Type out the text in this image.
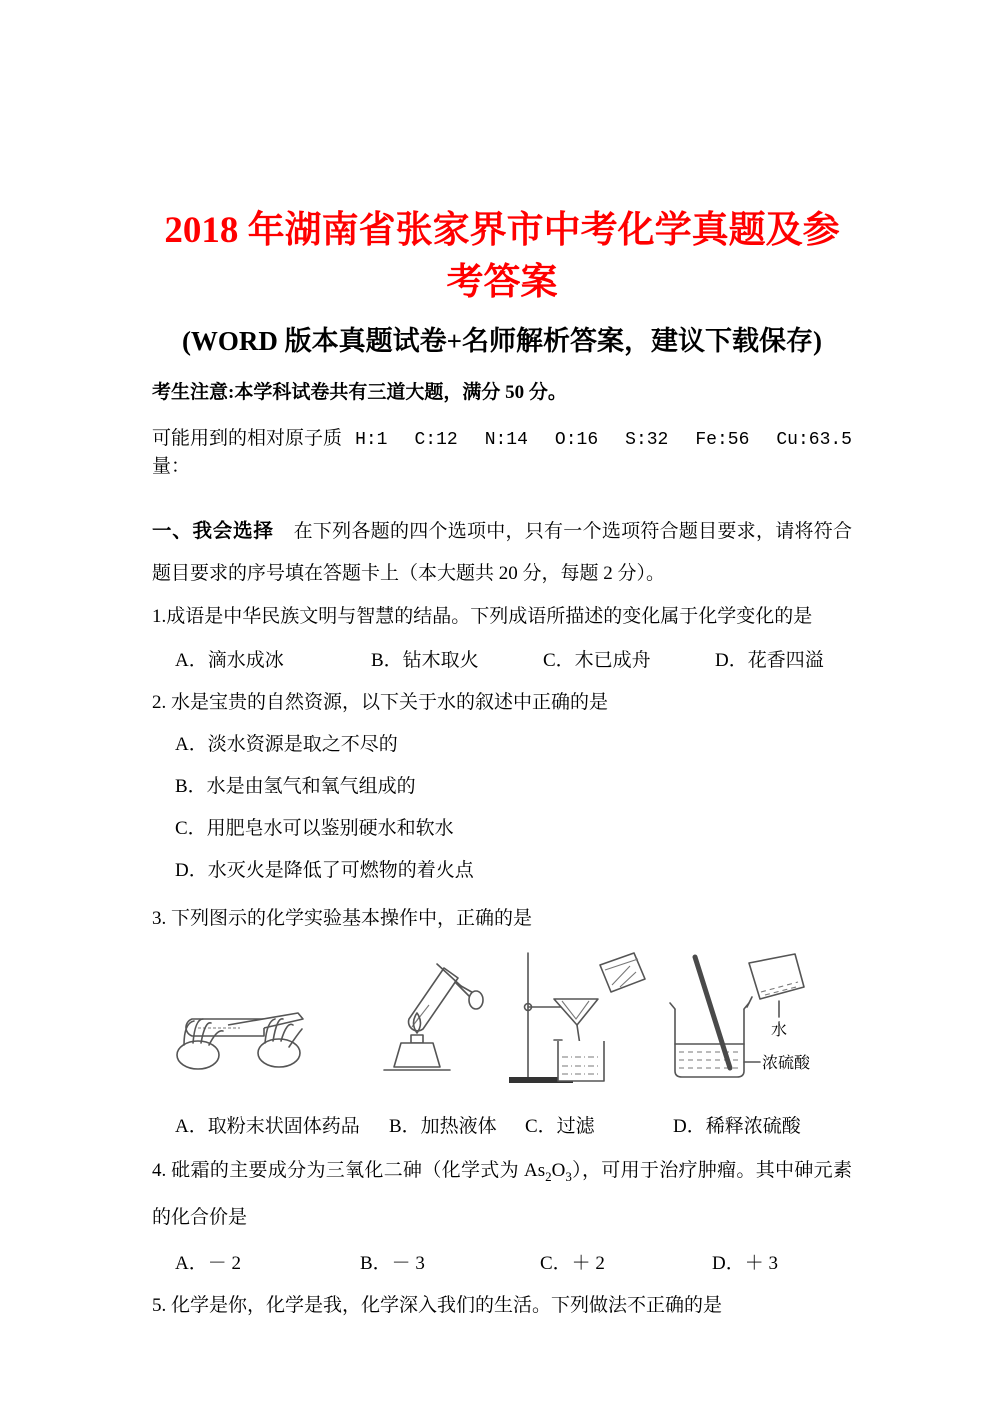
2018 年湖南省张家界市中考化学真题及参
考答案
(WORD 版本真题试卷+名师解析答案，建议下载保存)

考生注意:本学科试卷共有三道大题，满分 50 分。

可能用到的相对原子质量：
H:1 C:12 N:14 O:16 S:32 Fe:56 Cu:63.5

一、我会选择 在下列各题的四个选项中，只有一个选项符合题目要求，请将符合题目要求的序号填在答题卡上（本大题共 20 分，每题 2 分）。

1.成语是中华民族文明与智慧的结晶。下列成语所描述的变化属于化学变化的是

A．滴水成冰	B．钻木取火	C．木已成舟	D．花香四溢

2. 水是宝贵的自然资源，以下关于水的叙述中正确的是

A．淡水资源是取之不尽的

B．水是由氢气和氧气组成的

C．用肥皂水可以鉴别硬水和软水

D．水灭火是降低了可燃物的着火点

3. 下列图示的化学实验基本操作中，正确的是

水
浓硫酸

A．取粉末状固体药品	B．加热液体	C．过滤	D．稀释浓硫酸

4. 砒霜的主要成分为三氧化二砷（化学式为 $As_2O_3$），可用于治疗肿瘤。其中砷元素

的化合价是

A．－ 2	B．－ 3	C．＋ 2	D．＋ 3

5. 化学是你，化学是我，化学深入我们的生活。下列做法不正确的是
